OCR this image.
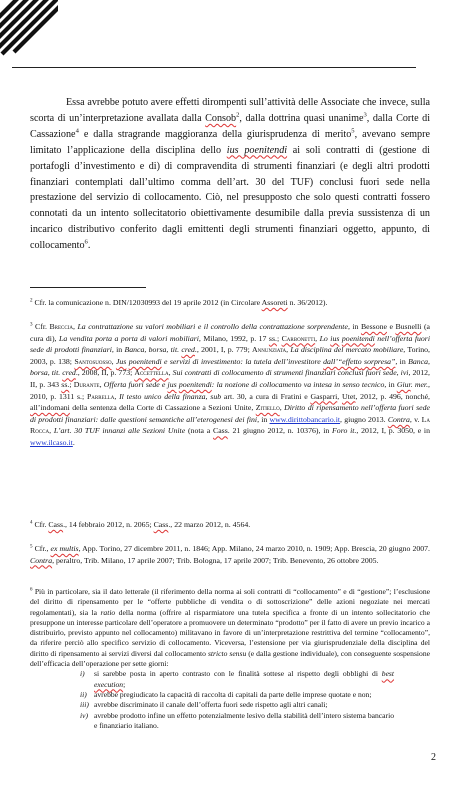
Essa avrebbe potuto avere effetti dirompenti sull’attività delle Associate che invece, sulla scorta di un’interpretazione avallata dalla Consob$^2$, dalla dottrina quasi unanime$^3$, dalla Corte di Cassazione$^4$ e dalla stragrande maggioranza della giurisprudenza di merito$^5$, avevano sempre limitato l’applicazione della disciplina dello ius poenitendi ai soli contratti di (gestione di portafogli d’investimento e di) di compravendita di strumenti finanziari (e degli altri prodotti finanziari contemplati dall’ultimo comma dell’art. 30 del TUF) conclusi fuori sede nella prestazione del servizio di collocamento. Ciò, nel presupposto che solo questi contratti fossero connotati da un intento sollecitatorio obiettivamente desumibile dalla previa sussistenza di un incarico distributivo conferito dagli emittenti degli strumenti finanziari oggetto, appunto, di collocamento$^6$.

$^2$ Cfr. la comunicazione n. DIN/12030993 del 19 aprile 2012 (in Circolare Assoreti n. 36/2012).

$^3$ Cfr. Breccia, La contrattazione su valori mobiliari e il controllo della contrattazione sorprendente, in Bessone e Busnelli (a cura di), La vendita porta a porta di valori mobiliari, Milano, 1992, p. 17 ss.; Carbonetti, Lo ius poenitendi nell’offerta fuori sede di prodotti finanziari, in Banca, borsa, tit. cred., 2001, I, p. 779; Annunziata, La disciplina del mercato mobiliare, Torino, 2003, p. 138; Santosuosso, Jus poenitendi e servizi di investimento: la tutela dell’investitore dall’“effetto sorpresa”, in Banca, borsa, tit. cred., 2008, II, p. 773; Accettella, Sui contratti di collocamento di strumenti finanziari conclusi fuori sede, ivi, 2012, II, p. 343 ss.; Durante, Offerta fuori sede e jus poenitendi: la nozione di collocamento va intesa in senso tecnico, in Giur. mer., 2010, p. 1311 s.; Parrella, Il testo unico della finanza, sub art. 30, a cura di Fratini e Gasparri, Utet, 2012, p. 496, nonché, all’indomani della sentenza della Corte di Cassazione a Sezioni Unite, Zitiello, Diritto di ripensamento nell’offerta fuori sede di prodotti finanziari: dalle questioni semantiche all’eterogenesi dei fini, in www.dirittobancario.it, giugno 2013. Contra, v. La Rocca, L’art. 30 TUF innanzi alle Sezioni Unite (nota a Cass. 21 giugno 2012, n. 10376), in Foro it., 2012, I, p. 3050, e in www.ilcaso.it.

$^4$ Cfr. Cass., 14 febbraio 2012, n. 2065; Cass., 22 marzo 2012, n. 4564.

$^5$ Cfr., ex multis, App. Torino, 27 dicembre 2011, n. 1846; App. Milano, 24 marzo 2010, n. 1909; App. Brescia, 20 giugno 2007. Contra, peraltro, Trib. Milano, 17 aprile 2007; Trib. Bologna, 17 aprile 2007; Trib. Benevento, 26 ottobre 2005.

$^6$ Più in particolare, sia il dato letterale (il riferimento della norma ai soli contratti di “collocamento” e di “gestione”; l’esclusione del diritto di ripensamento per le “offerte pubbliche di vendita o di sottoscrizione” delle azioni negoziate nei mercati regolamentati), sia la ratio della norma (offrire al risparmiatore una tutela specifica a fronte di un intento sollecitatorio che presuppone un interesse particolare dell’operatore a promuovere un determinato “prodotto” per il fatto di avere un previo incarico a distribuirlo, previsto appunto nel collocamento) militavano in favore di un’interpretazione restrittiva del termine “collocamento”, da riferire perciò allo specifico servizio di collocamento. Viceversa, l’estensione per via giurisprudenziale della disciplina del diritto di ripensamento ai servizi diversi dal collocamento stricto sensu (e dalla gestione individuale), con conseguente sospensione dell’efficacia dell’operazione per sette giorni:

i)	si sarebbe posta in aperto contrasto con le finalità sottese al rispetto degli obblighi di best execution;
ii) avrebbe pregiudicato la capacità di raccolta di capitali da parte delle imprese quotate e non;
iii) avrebbe discriminato il canale dell’offerta fuori sede rispetto agli altri canali;
iv) avrebbe prodotto infine un effetto potenzialmente lesivo della stabilità dell’intero sistema bancario e finanziario italiano.
2
